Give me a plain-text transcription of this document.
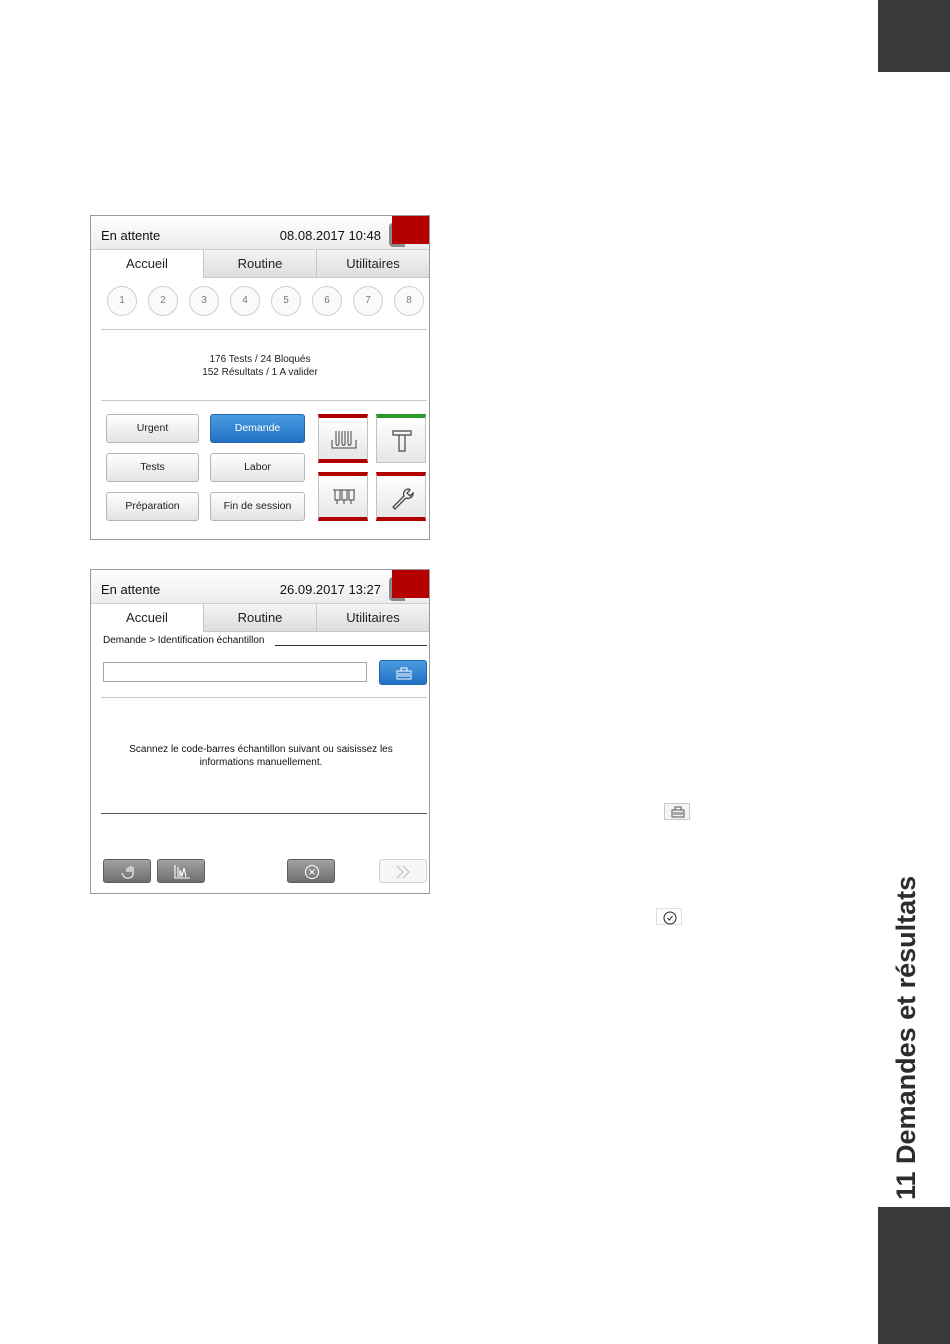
11 Demandes et résultats
En attente	08.08.2017 10:48
Accueil	Routine	Utilitaires
1	2	3	4	5	6	7	8
176 Tests / 24 Bloqués
152 Résultats / 1 A valider
Urgent	Demande
Tests	Labor
Préparation	Fin de session
En attente	26.09.2017 13:27
Accueil	Routine	Utilitaires
Demande > Identification échantillon
Scannez le code-barres échantillon suivant ou saisissez les informations manuellement.
